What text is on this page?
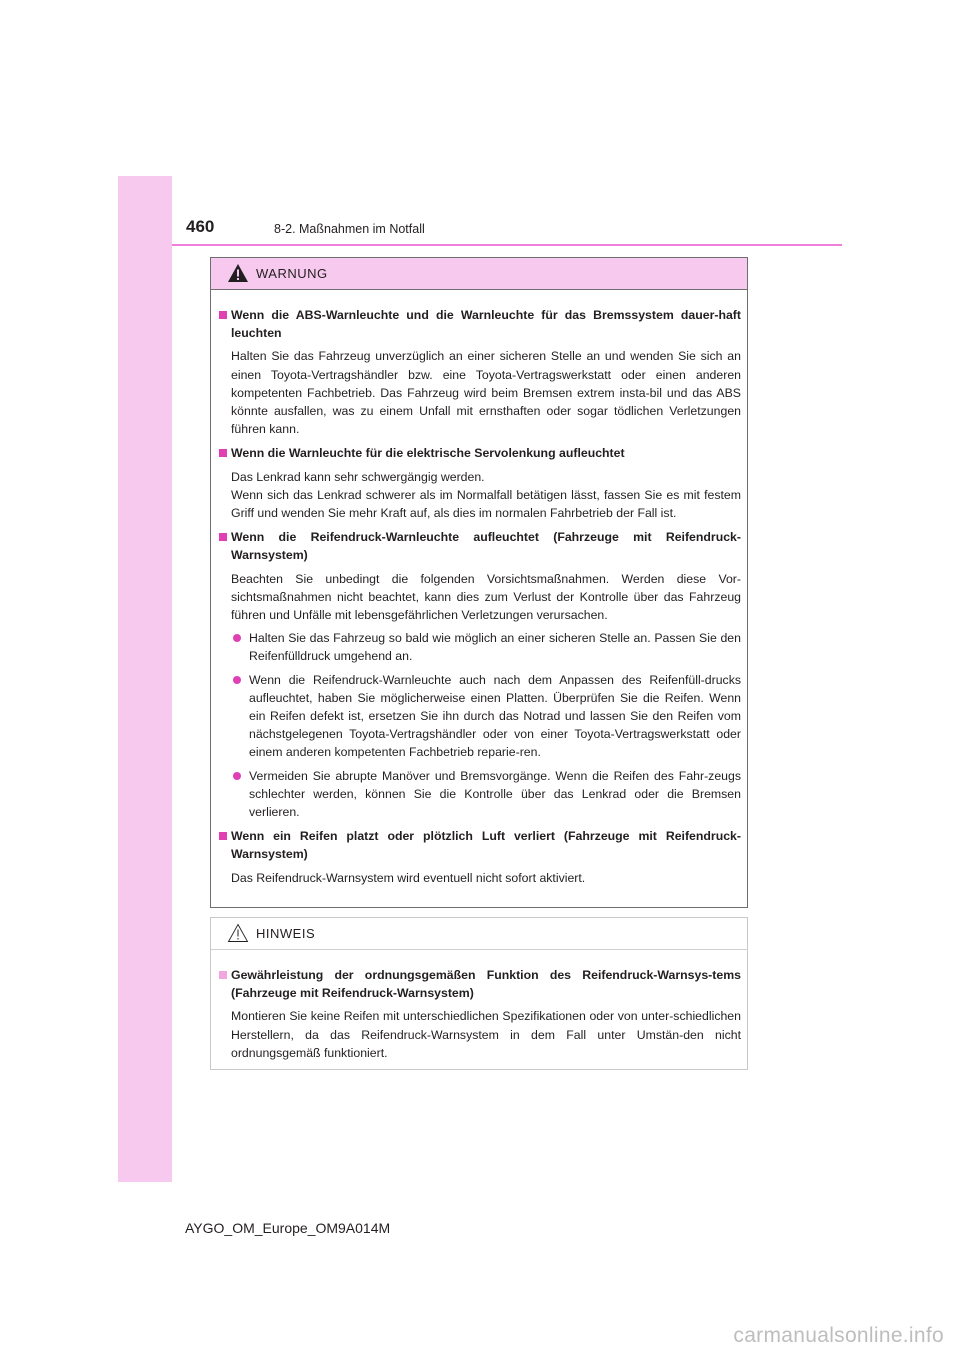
460	8-2. Maßnahmen im Notfall
WARNUNG
Wenn die ABS-Warnleuchte und die Warnleuchte für das Bremssystem dauer-haft leuchten
Halten Sie das Fahrzeug unverzüglich an einer sicheren Stelle an und wenden Sie sich an einen Toyota-Vertragshändler bzw. eine Toyota-Vertragswerkstatt oder einen anderen kompetenten Fachbetrieb. Das Fahrzeug wird beim Bremsen extrem insta-bil und das ABS könnte ausfallen, was zu einem Unfall mit ernsthaften oder sogar tödlichen Verletzungen führen kann.
Wenn die Warnleuchte für die elektrische Servolenkung aufleuchtet
Das Lenkrad kann sehr schwergängig werden.
Wenn sich das Lenkrad schwerer als im Normalfall betätigen lässt, fassen Sie es mit festem Griff und wenden Sie mehr Kraft auf, als dies im normalen Fahrbetrieb der Fall ist.
Wenn die Reifendruck-Warnleuchte aufleuchtet (Fahrzeuge mit Reifendruck-Warnsystem)
Beachten Sie unbedingt die folgenden Vorsichtsmaßnahmen. Werden diese Vor-sichtsmaßnahmen nicht beachtet, kann dies zum Verlust der Kontrolle über das Fahrzeug führen und Unfälle mit lebensgefährlichen Verletzungen verursachen.
Halten Sie das Fahrzeug so bald wie möglich an einer sicheren Stelle an. Passen Sie den Reifenfülldruck umgehend an.
Wenn die Reifendruck-Warnleuchte auch nach dem Anpassen des Reifenfüll-drucks aufleuchtet, haben Sie möglicherweise einen Platten. Überprüfen Sie die Reifen. Wenn ein Reifen defekt ist, ersetzen Sie ihn durch das Notrad und lassen Sie den Reifen vom nächstgelegenen Toyota-Vertragshändler oder von einer Toyota-Vertragswerkstatt oder einem anderen kompetenten Fachbetrieb reparie-ren.
Vermeiden Sie abrupte Manöver und Bremsvorgänge. Wenn die Reifen des Fahr-zeugs schlechter werden, können Sie die Kontrolle über das Lenkrad oder die Bremsen verlieren.
Wenn ein Reifen platzt oder plötzlich Luft verliert (Fahrzeuge mit Reifendruck-Warnsystem)
Das Reifendruck-Warnsystem wird eventuell nicht sofort aktiviert.
HINWEIS
Gewährleistung der ordnungsgemäßen Funktion des Reifendruck-Warnsys-tems (Fahrzeuge mit Reifendruck-Warnsystem)
Montieren Sie keine Reifen mit unterschiedlichen Spezifikationen oder von unter-schiedlichen Herstellern, da das Reifendruck-Warnsystem in dem Fall unter Umstän-den nicht ordnungsgemäß funktioniert.
AYGO_OM_Europe_OM9A014M
carmanualsonline.info
